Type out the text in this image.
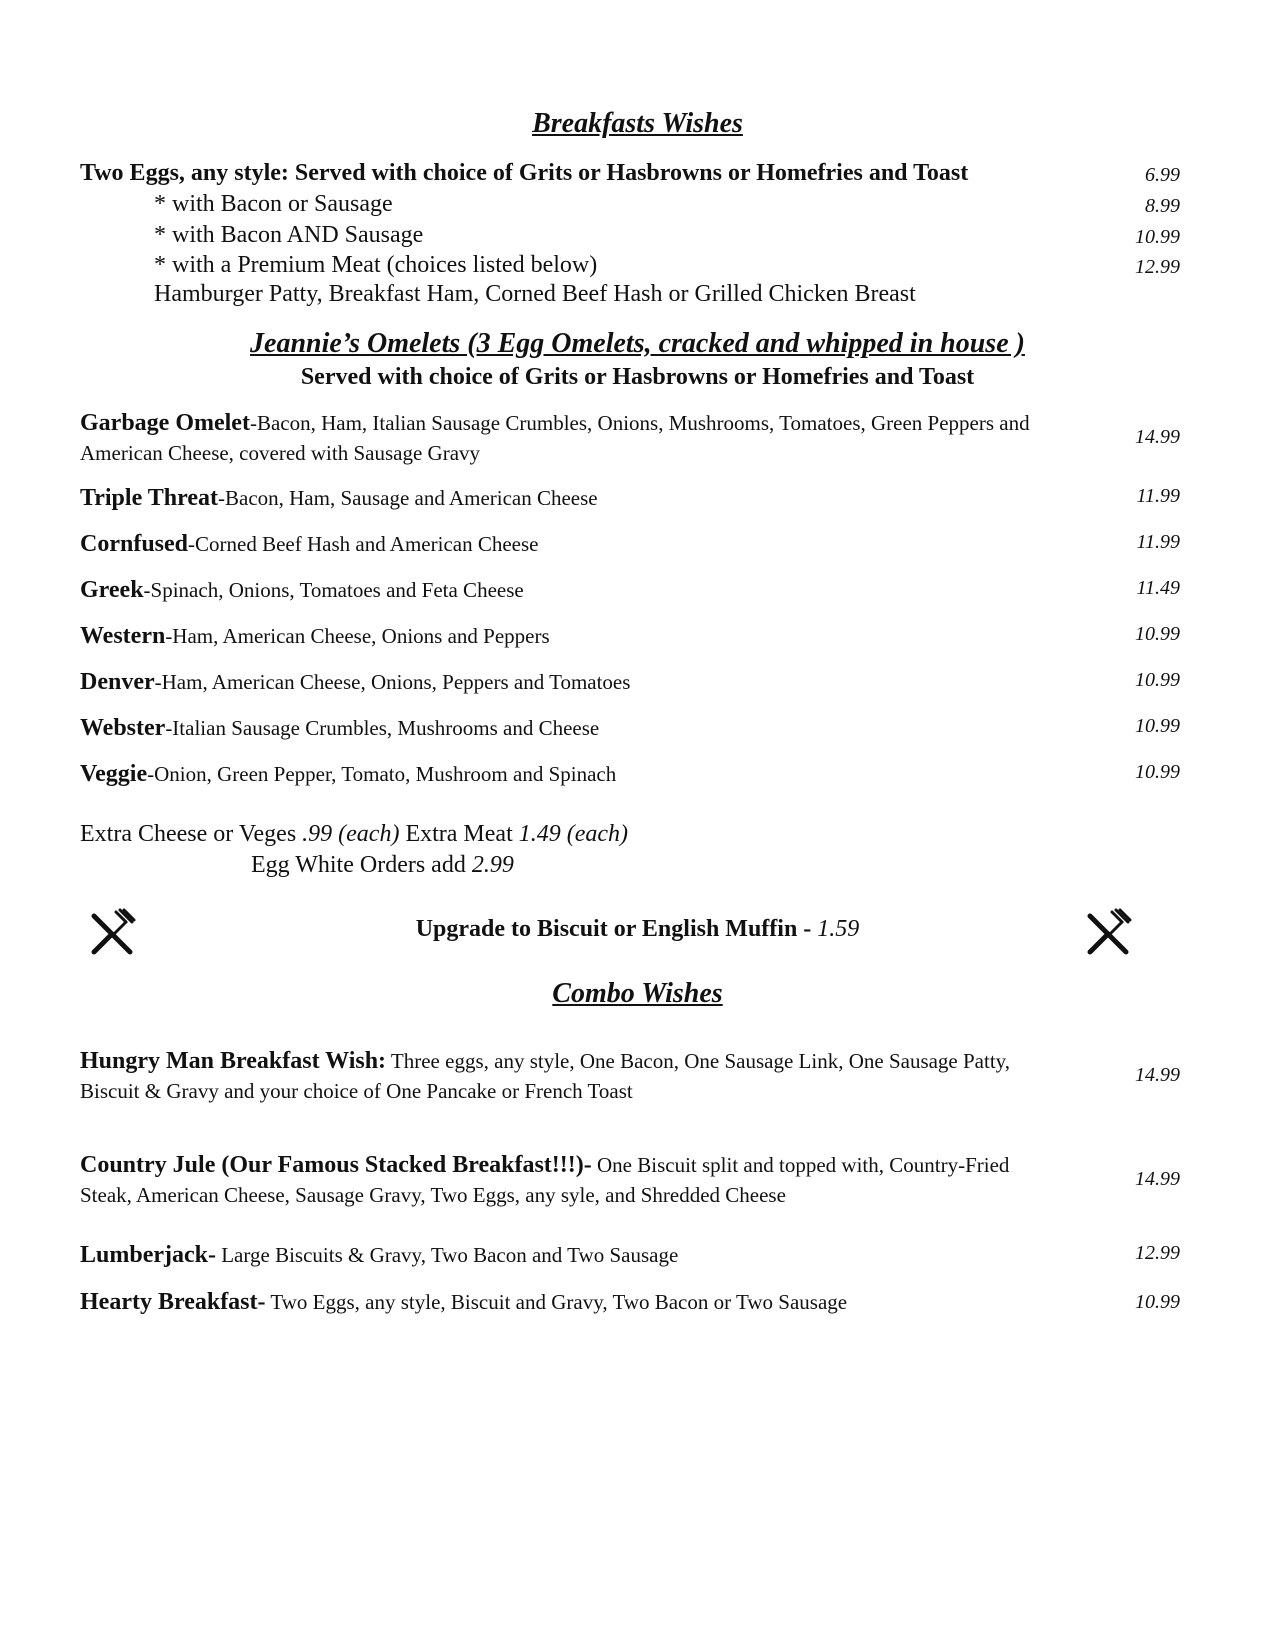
Breakfasts Wishes
Two Eggs, any style: Served with choice of Grits or Hasbrowns or Homefries and Toast	6.99
* with Bacon or Sausage	8.99
* with Bacon AND Sausage	10.99
* with a Premium Meat (choices listed below)	12.99
Hamburger Patty, Breakfast Ham, Corned Beef Hash or Grilled Chicken Breast
Jeannie’s Omelets (3 Egg Omelets, cracked and whipped in house )
Served with choice of Grits or Hasbrowns or Homefries and Toast
Garbage Omelet-Bacon, Ham, Italian Sausage Crumbles, Onions, Mushrooms, Tomatoes, Green Peppers and American Cheese, covered with Sausage Gravy
14.99
Triple Threat-Bacon, Ham, Sausage and American Cheese	11.99
Cornfused-Corned Beef Hash and American Cheese	11.99
Greek-Spinach, Onions, Tomatoes and Feta Cheese	11.49
Western-Ham, American Cheese, Onions and Peppers	10.99
Denver-Ham, American Cheese, Onions, Peppers and Tomatoes	10.99
Webster-Italian Sausage Crumbles, Mushrooms and Cheese	10.99
Veggie-Onion, Green Pepper, Tomato, Mushroom and Spinach	10.99
Extra Cheese or Veges .99 (each) Extra Meat 1.49 (each)
Egg White Orders add 2.99
Upgrade to Biscuit or English Muffin - 1.59
Combo Wishes
Hungry Man Breakfast Wish: Three eggs, any style, One Bacon, One Sausage Link, One Sausage Patty, Biscuit & Gravy and your choice of One Pancake or French Toast
14.99
Country Jule (Our Famous Stacked Breakfast!!!)- One Biscuit split and topped with, Country-Fried Steak, American Cheese, Sausage Gravy, Two Eggs, any syle, and Shredded Cheese
14.99
Lumberjack- Large Biscuits & Gravy, Two Bacon and Two Sausage	12.99
Hearty Breakfast- Two Eggs, any style, Biscuit and Gravy, Two Bacon or Two Sausage	10.99
